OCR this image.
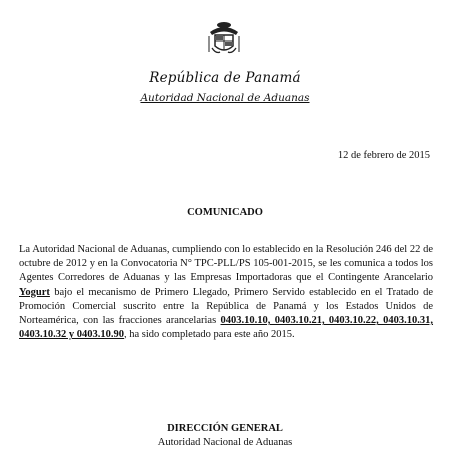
República de Panamá
Autoridad Nacional de Aduanas
12 de febrero de 2015
COMUNICADO
La Autoridad Nacional de Aduanas, cumpliendo con lo establecido en la Resolución 246 del 22 de octubre de 2012 y en la Convocatoria N° TPC-PLL/PS 105-001-2015, se les comunica a todos los Agentes Corredores de Aduanas y las Empresas Importadoras que el Contingente Arancelario Yogurt bajo el mecanismo de Primero Llegado, Primero Servido establecido en el Tratado de Promoción Comercial suscrito entre la República de Panamá y los Estados Unidos de Norteamérica, con las fracciones arancelarias 0403.10.10, 0403.10.21, 0403.10.22, 0403.10.31, 0403.10.32 y 0403.10.90, ha sido completado para este año 2015.
DIRECCIÓN GENERAL
Autoridad Nacional de Aduanas
